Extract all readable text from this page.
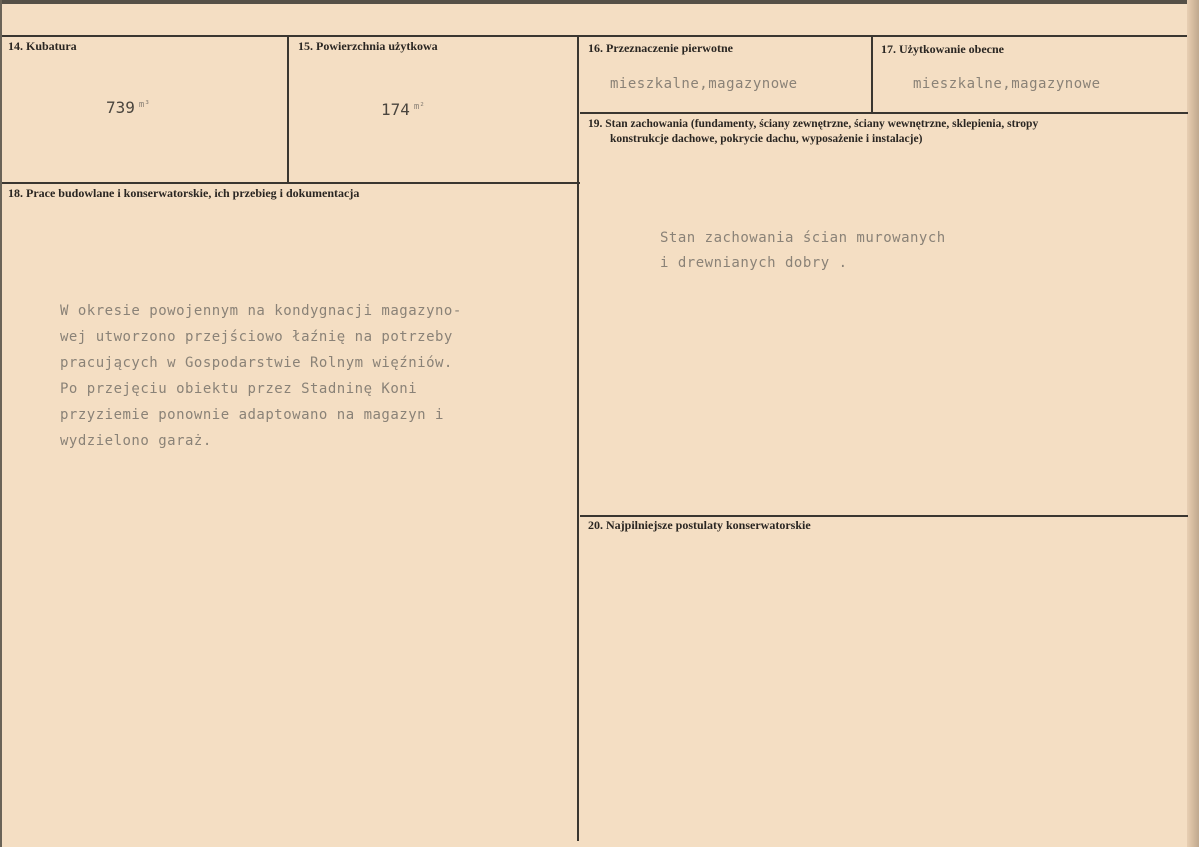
14. Kubatura
739 $^{m^3}$
15. Powierzchnia użytkowa
174 $^{m^2}$
16. Przeznaczenie pierwotne
mieszkalne,magazynowe
17. Użytkowanie obecne
mieszkalne,magazynowe
18. Prace budowlane i konserwatorskie, ich przebieg i dokumentacja
W okresie powojennym na kondygnacji magazyno-
wej utworzono przejściowo łaźnię na potrzeby
pracujących w Gospodarstwie Rolnym więźniów.
Po przejęciu obiektu przez Stadninę Koni
przyziemie ponownie adaptowano na magazyn i
wydzielono garaż.
19. Stan zachowania (fundamenty, ściany zewnętrzne, ściany wewnętrzne, sklepienia, stropy
konstrukcje dachowe, pokrycie dachu, wyposażenie i instalacje)
Stan zachowania ścian murowanych
i drewnianych dobry .
20. Najpilniejsze postulaty konserwatorskie
